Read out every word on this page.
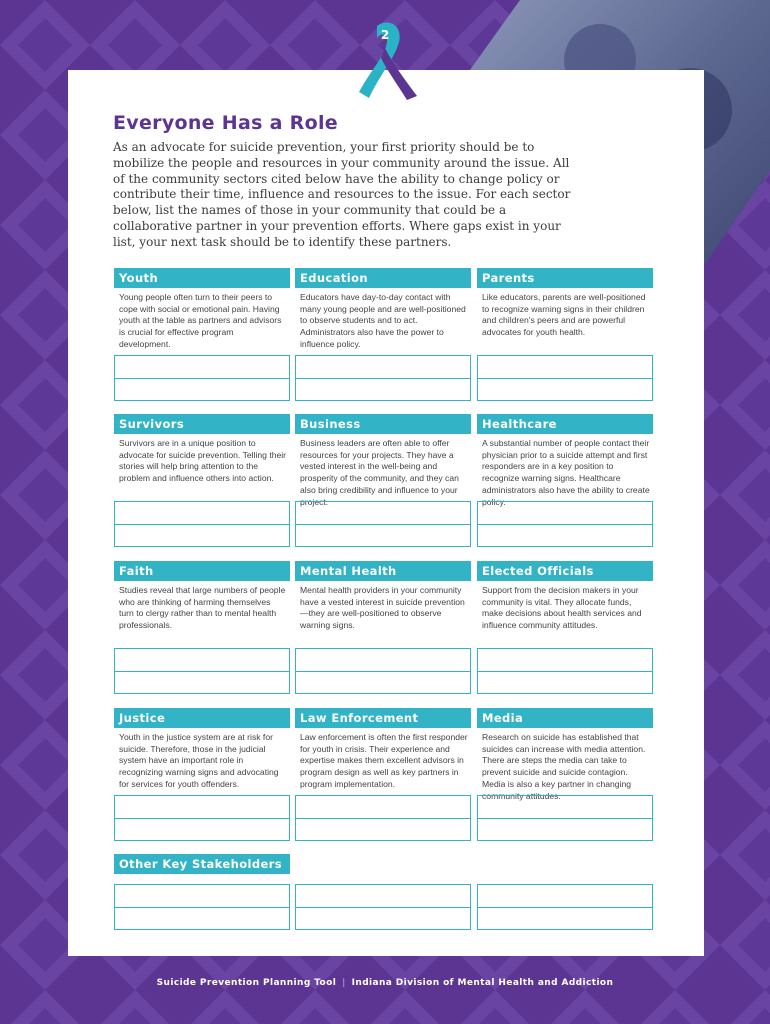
2
Everyone Has a Role

As an advocate for suicide prevention, your first priority should be to mobilize the people and resources in your community around the issue. All of the community sectors cited below have the ability to change policy or contribute their time, influence and resources to the issue. For each sector below, list the names of those in your community that could be a collaborative partner in your prevention efforts. Where gaps exist in your list, your next task should be to identify these partners.

Youth
Young people often turn to their peers to cope with social or emotional pain. Having youth at the table as partners and advisors is crucial for effective program development.
Education
Educators have day-to-day contact with many young people and are well-positioned to observe students and to act. Administrators also have the power to influence policy.
Parents
Like educators, parents are well-positioned to recognize warning signs in their children and children's peers and are powerful advocates for youth health.
Survivors
Survivors are in a unique position to advocate for suicide prevention. Telling their stories will help bring attention to the problem and influence others into action.
Business
Business leaders are often able to offer resources for your projects. They have a vested interest in the well-being and prosperity of the community, and they can also bring credibility and influence to your project.
Healthcare
A substantial number of people contact their physician prior to a suicide attempt and first responders are in a key position to recognize warning signs. Healthcare administrators also have the ability to create policy.
Faith
Studies reveal that large numbers of people who are thinking of harming themselves turn to clergy rather than to mental health professionals.
Mental Health
Mental health providers in your community have a vested interest in suicide prevention—they are well-positioned to observe warning signs.
Elected Officials
Support from the decision makers in your community is vital. They allocate funds, make decisions about health services and influence community attitudes.
Justice
Youth in the justice system are at risk for suicide. Therefore, those in the judicial system have an important role in recognizing warning signs and advocating for services for youth offenders.
Law Enforcement
Law enforcement is often the first responder for youth in crisis. Their experience and expertise makes them excellent advisors in program design as well as key partners in program implementation.
Media
Research on suicide has established that suicides can increase with media attention. There are steps the media can take to prevent suicide and suicide contagion. Media is also a key partner in changing community attitudes.
Other Key Stakeholders
Suicide Prevention Planning Tool | Indiana Division of Mental Health and Addiction
